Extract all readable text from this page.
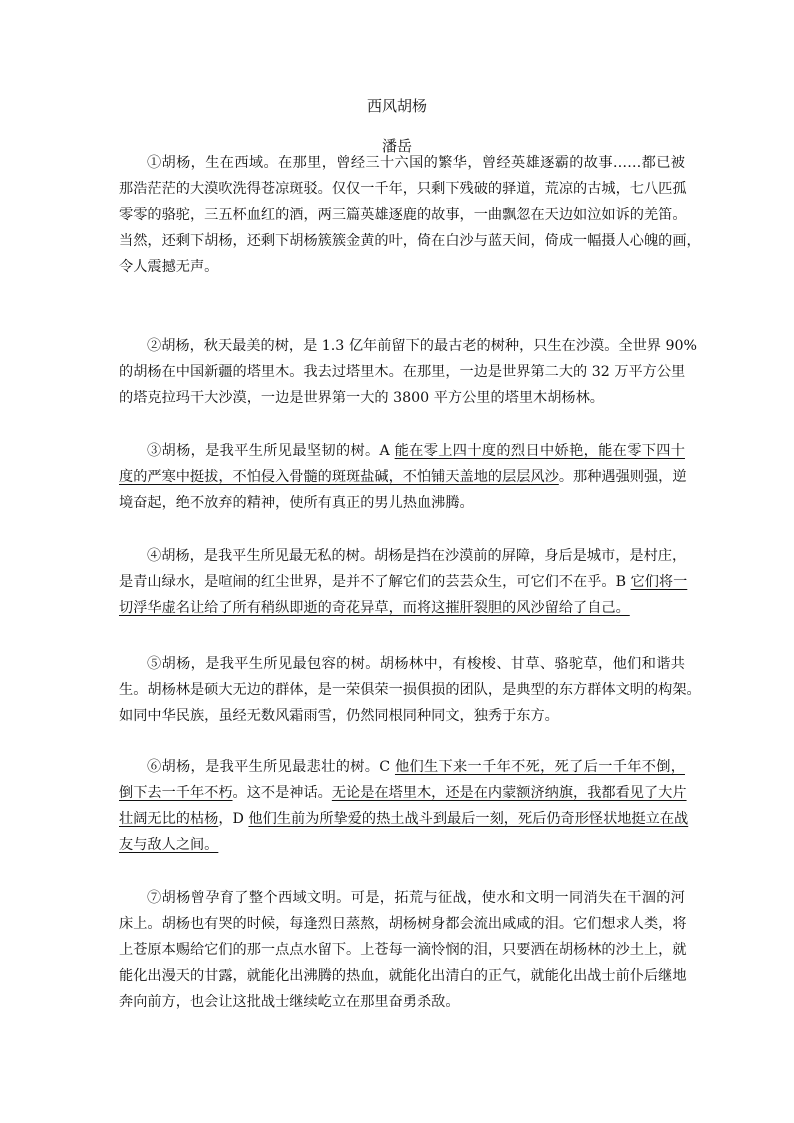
西风胡杨
潘岳
①胡杨，生在西域。在那里，曾经三十六国的繁华，曾经英雄逐霸的故事……都已被
那浩茫茫的大漠吹洗得苍凉斑驳。仅仅一千年，只剩下残破的驿道，荒凉的古城，七八匹孤
零零的骆驼，三五杯血红的酒，两三篇英雄逐鹿的故事，一曲飘忽在天边如泣如诉的羌笛。
当然，还剩下胡杨，还剩下胡杨簇簇金黄的叶，倚在白沙与蓝天间，倚成一幅摄人心魄的画，
令人震撼无声。
②胡杨，秋天最美的树，是 1.3 亿年前留下的最古老的树种，只生在沙漠。全世界 90%
的胡杨在中国新疆的塔里木。我去过塔里木。在那里，一边是世界第二大的 32 万平方公里
的塔克拉玛干大沙漠，一边是世界第一大的 3800 平方公里的塔里木胡杨林。
③胡杨，是我平生所见最坚韧的树。A 能在零上四十度的烈日中娇艳，能在零下四十
度的严寒中挺拔，不怕侵入骨髓的斑斑盐碱，不怕铺天盖地的层层风沙。那种遇强则强，逆
境奋起，绝不放弃的精神，使所有真正的男儿热血沸腾。
④胡杨，是我平生所见最无私的树。胡杨是挡在沙漠前的屏障，身后是城市，是村庄，
是青山绿水，是喧闹的红尘世界，是并不了解它们的芸芸众生，可它们不在乎。B 它们将一
切浮华虚名让给了所有稍纵即逝的奇花异草，而将这摧肝裂胆的风沙留给了自己。
⑤胡杨，是我平生所见最包容的树。胡杨林中，有梭梭、甘草、骆驼草，他们和谐共
生。胡杨林是硕大无边的群体，是一荣俱荣一损俱损的团队，是典型的东方群体文明的构架。
如同中华民族，虽经无数风霜雨雪，仍然同根同种同文，独秀于东方。
⑥胡杨，是我平生所见最悲壮的树。C 他们生下来一千年不死，死了后一千年不倒，
倒下去一千年不朽。这不是神话。无论是在塔里木，还是在内蒙额济纳旗，我都看见了大片
壮阔无比的枯杨，D 他们生前为所挚爱的热土战斗到最后一刻，死后仍奇形怪状地挺立在战
友与敌人之间。
⑦胡杨曾孕育了整个西域文明。可是，拓荒与征战，使水和文明一同消失在干涸的河
床上。胡杨也有哭的时候，每逢烈日蒸熬，胡杨树身都会流出咸咸的泪。它们想求人类，将
上苍原本赐给它们的那一点点水留下。上苍每一滴怜悯的泪，只要洒在胡杨林的沙土上，就
能化出漫天的甘露，就能化出沸腾的热血，就能化出清白的正气，就能化出战士前仆后继地
奔向前方，也会让这批战士继续屹立在那里奋勇杀敌。
